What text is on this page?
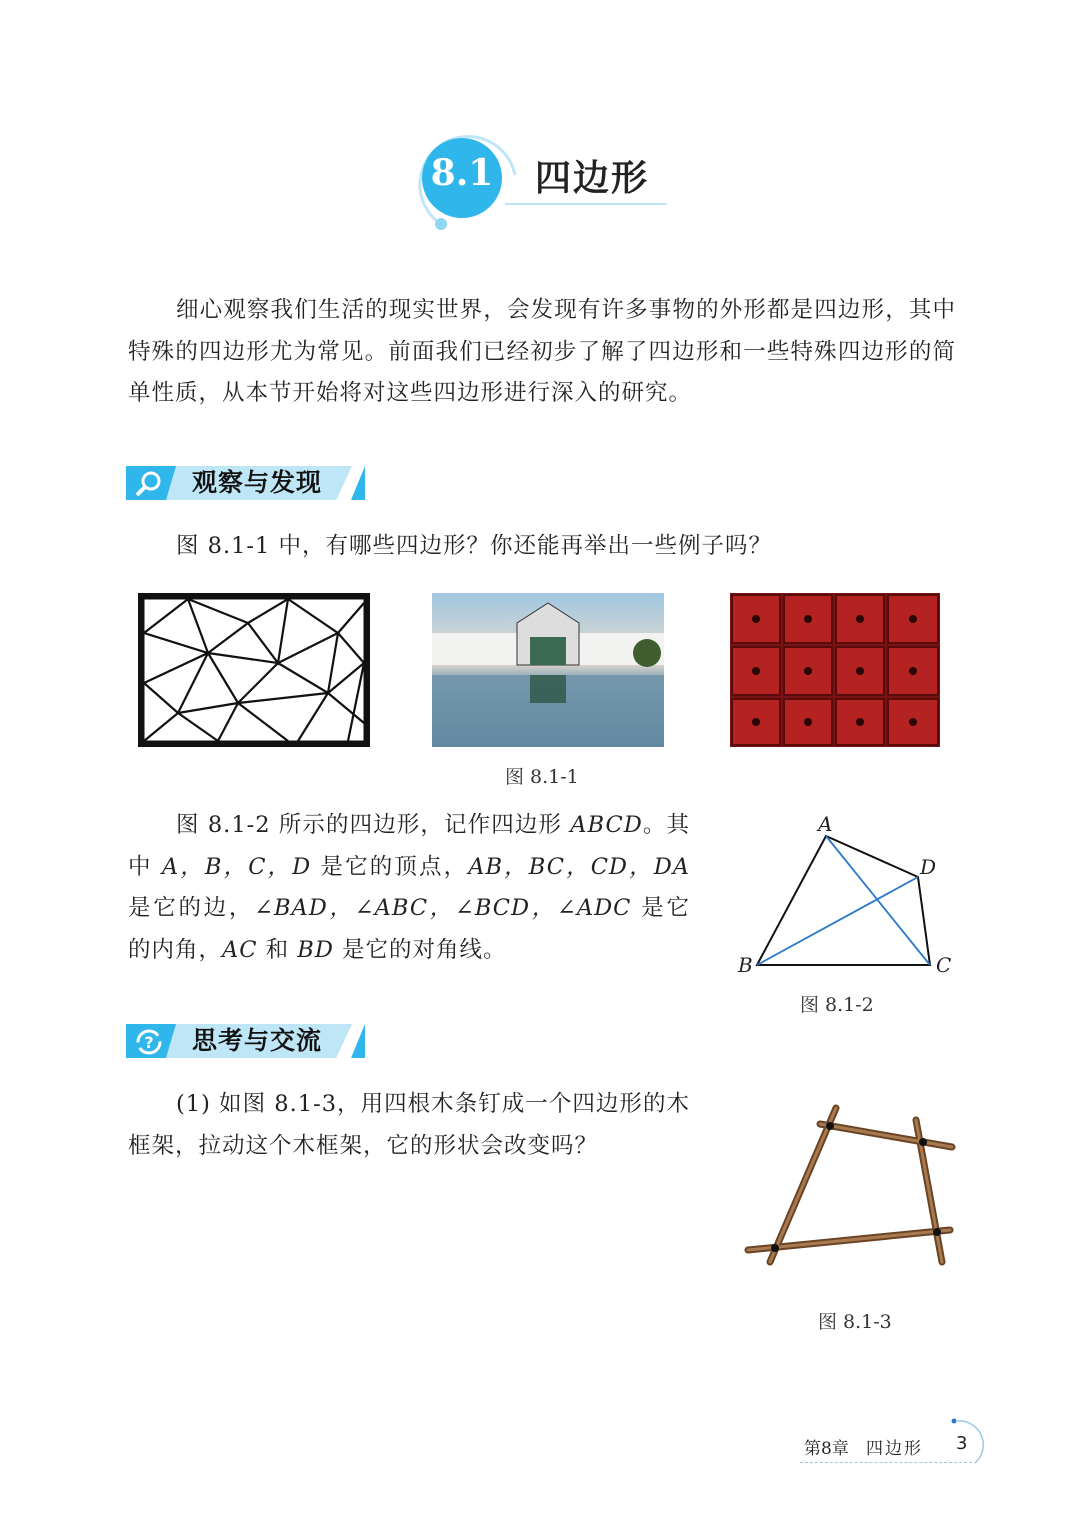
8.1 四边形
细心观察我们生活的现实世界，会发现有许多事物的外形都是四边形，其中特殊的四边形尤为常见。前面我们已经初步了解了四边形和一些特殊四边形的简单性质，从本节开始将对这些四边形进行深入的研究。
观察与发现
图 8.1-1 中，有哪些四边形？你还能再举出一些例子吗？
图 8.1-1
图 8.1-2 所示的四边形，记作四边形 ABCD。其中 A，B，C，D 是它的顶点，AB，BC，CD，DA 是它的边，∠BAD，∠ABC，∠BCD，∠ADC 是它的内角，AC 和 BD 是它的对角线。
A
B	C
D
图 8.1-2
? 思考与交流
(1) 如图 8.1-3，用四根木条钉成一个四边形的木框架，拉动这个木框架，它的形状会改变吗？
图 8.1-3
第8章 四边形 3
